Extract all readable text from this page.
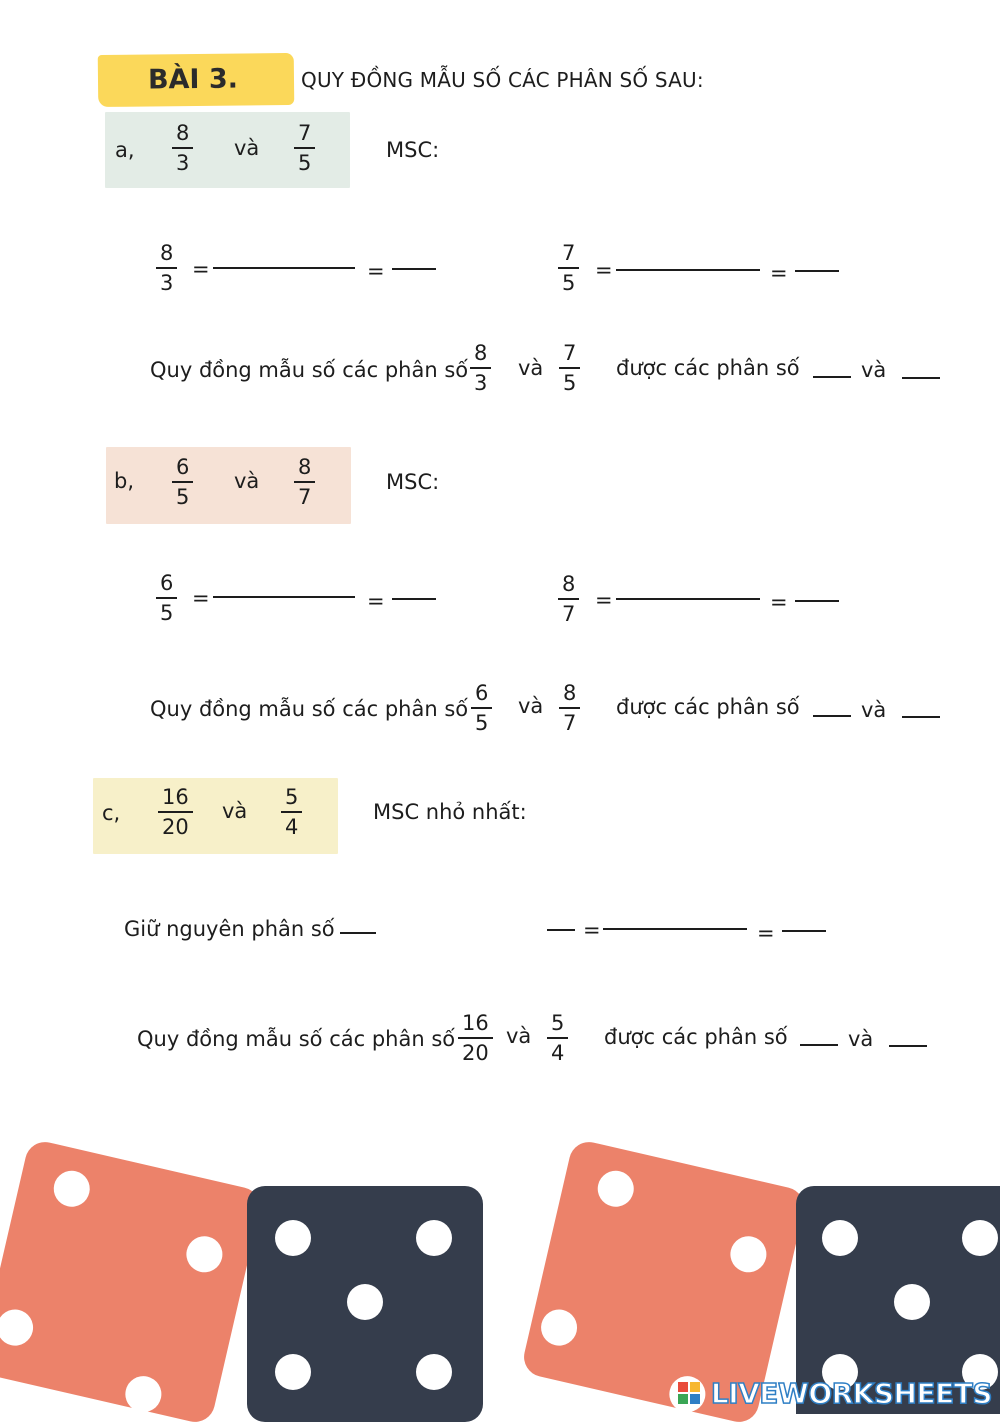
BÀI 3.	QUY ĐỒNG MẪU SỐ CÁC PHÂN SỐ SAU:
a,
8
3
và
7
5
MSC:
8
3
=	=
7
5
=	=
Quy đồng mẫu số các phân số
8
3
và
7
5
được các phân số	và
b,
6
5
và
8
7
MSC:
6
5
=	=
8
7
=	=
Quy đồng mẫu số các phân số
6
5
và
8
7
được các phân số	và
c,
16
20
và
5
4
MSC nhỏ nhất:
Giữ nguyên phân số	=	=
Quy đồng mẫu số các phân số
16
20
và
5
4
được các phân số	và
LIVEWORKSHEETS
